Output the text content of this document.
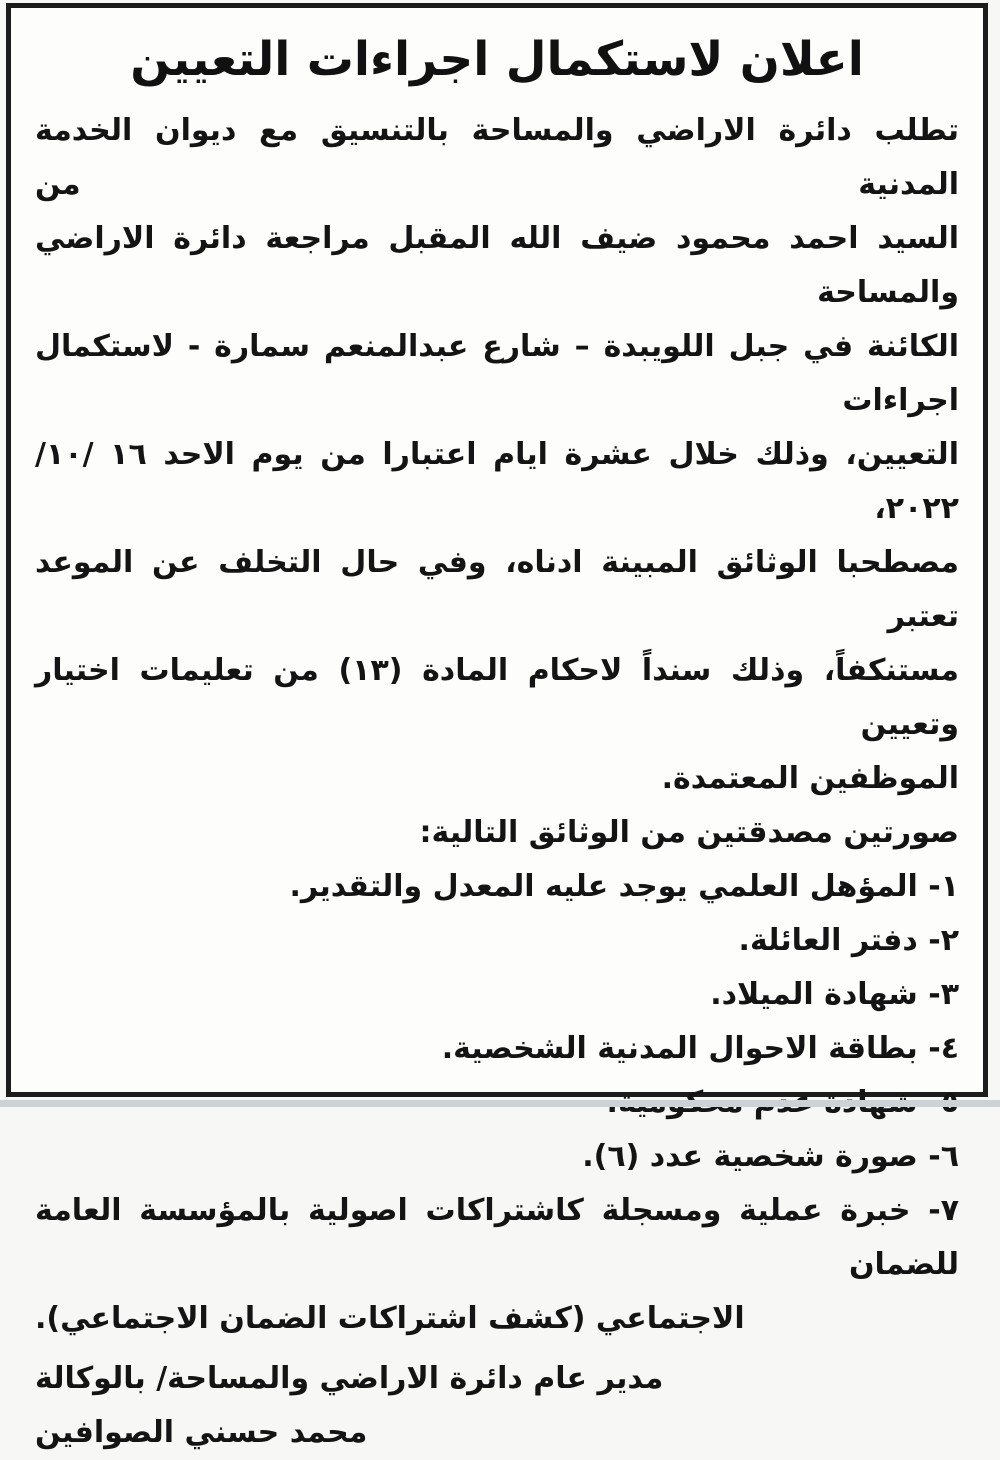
اعلان لاستكمال اجراءات التعيين
تطلب دائرة الاراضي والمساحة بالتنسيق مع ديوان الخدمة المدنية من
السيد احمد محمود ضيف الله المقبل مراجعة دائرة الاراضي والمساحة
الكائنة في جبل اللويبدة – شارع عبدالمنعم سمارة - لاستكمال اجراءات
التعيين، وذلك خلال عشرة ايام اعتبارا من يوم الاحد ١٦ /١٠/ ٢٠٢٢،
مصطحبا الوثائق المبينة ادناه، وفي حال التخلف عن الموعد تعتبر
مستنكفاً، وذلك سنداً لاحكام المادة (١٣) من تعليمات اختيار وتعيين
الموظفين المعتمدة.
صورتين مصدقتين من الوثائق التالية:
١- المؤهل العلمي يوجد عليه المعدل والتقدير.
٢- دفتر العائلة.
٣- شهادة الميلاد.
٤- بطاقة الاحوال المدنية الشخصية.
٦- صورة شخصية عدد (٦).
٧- خبرة عملية ومسجلة كاشتراكات اصولية بالمؤسسة العامة للضمان
الاجتماعي (كشف اشتراكات الضمان الاجتماعي).
مدير عام دائرة الاراضي والمساحة/ بالوكالة
محمد حسني الصوافين
